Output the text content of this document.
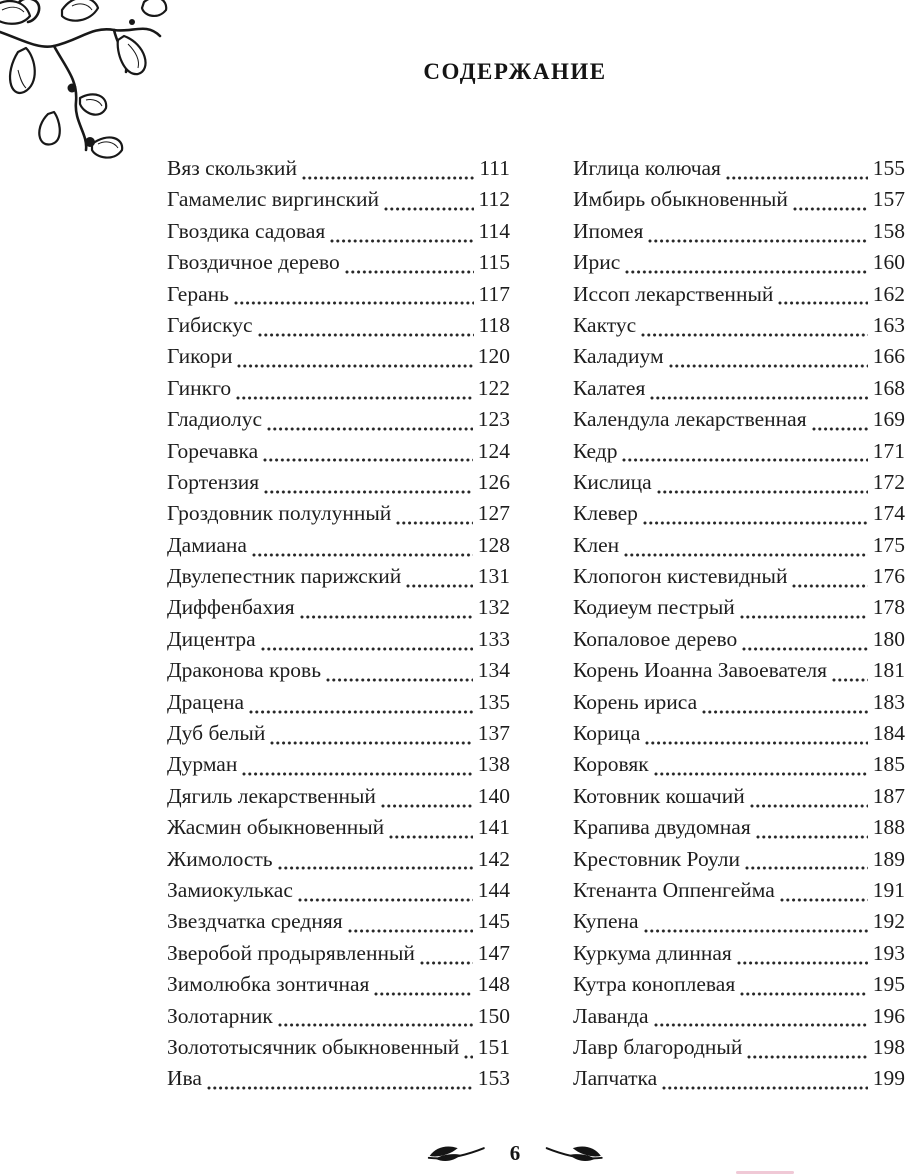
СОДЕРЖАНИЕ
Вяз скользкий	111
Гамамелис виргинский	112
Гвоздика садовая	114
Гвоздичное дерево	115
Герань	117
Гибискус	118
Гикори	120
Гинкго	122
Гладиолус	123
Горечавка	124
Гортензия	126
Гроздовник полулунный	127
Дамиана	128
Двулепестник парижский	131
Диффенбахия	132
Дицентра	133
Драконова кровь	134
Драцена	135
Дуб белый	137
Дурман	138
Дягиль лекарственный	140
Жасмин обыкновенный	141
Жимолость	142
Замиокулькас	144
Звездчатка средняя	145
Зверобой продырявленный	147
Зимолюбка зонтичная	148
Золотарник	150
Золототысячник обыкновенный 151
Ива	153
Иглица колючая	155
Имбирь обыкновенный	157
Ипомея	158
Ирис	160
Иссоп лекарственный	162
Кактус	163
Каладиум	166
Калатея	168
Календула лекарственная	169
Кедр	171
Кислица	172
Клевер	174
Клен	175
Клопогон кистевидный	176
Кодиеум пестрый	178
Копаловое дерево	180
Корень Иоанна Завоевателя 181
Корень ириса	183
Корица	184
Коровяк	185
Котовник кошачий	187
Крапива двудомная	188
Крестовник Роули	189
Ктенанта Оппенгейма	191
Купена	192
Куркума длинная	193
Кутра коноплевая	195
Лаванда	196
Лавр благородный	198
Лапчатка	199
6
